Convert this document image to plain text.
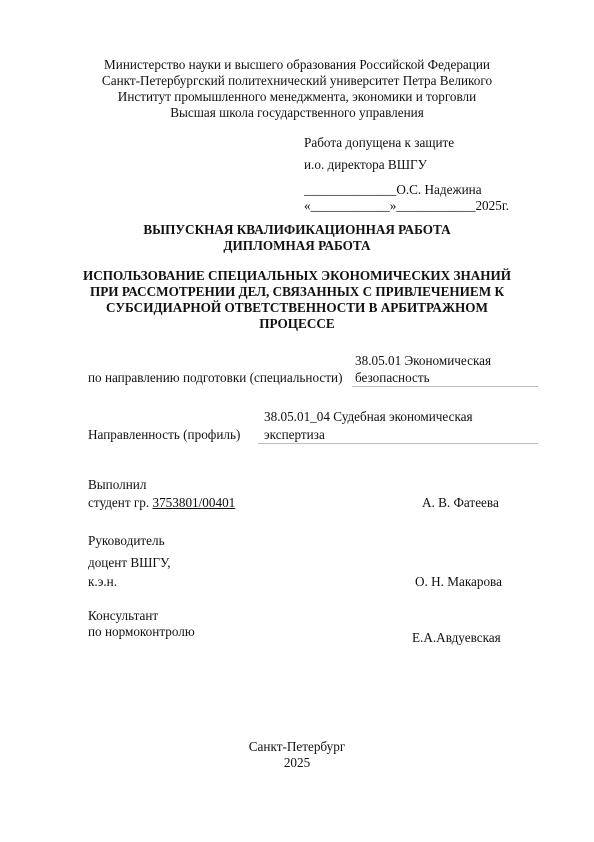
Министерство науки и высшего образования Российской Федерации
Санкт-Петербургский политехнический университет Петра Великого
Институт промышленного менеджмента, экономики и торговли
Высшая школа государственного управления
Работа допущена к защите
и.о. директора ВШГУ
______________О.С. Надежина
«____________»____________2025г.
ВЫПУСКНАЯ КВАЛИФИКАЦИОННАЯ РАБОТА
ДИПЛОМНАЯ РАБОТА
ИСПОЛЬЗОВАНИЕ СПЕЦИАЛЬНЫХ ЭКОНОМИЧЕСКИХ ЗНАНИЙ
ПРИ РАССМОТРЕНИИ ДЕЛ, СВЯЗАННЫХ С ПРИВЛЕЧЕНИЕМ К
СУБСИДИАРНОЙ ОТВЕТСТВЕННОСТИ В АРБИТРАЖНОМ
ПРОЦЕССЕ
по направлению подготовки (специальности)
38.05.01 Экономическая
безопасность
Направленность (профиль)
38.05.01_04 Судебная экономическая
экспертиза
Выполнил
студент гр. 3753801/00401	А. В. Фатеева
Руководитель
доцент ВШГУ,
к.э.н.	О. Н. Макарова
Консультант
по нормоконтролю	Е.А.Авдуевская
Санкт-Петербург
2025
